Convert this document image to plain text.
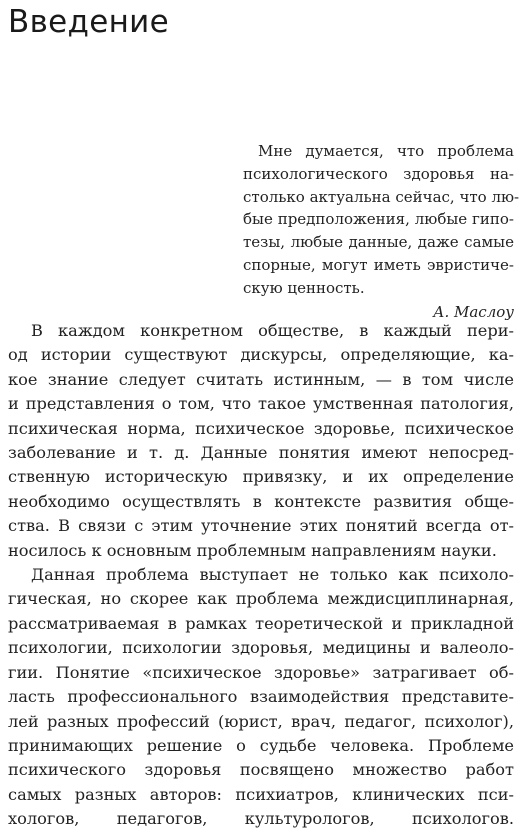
Введение
Мне думается, что проблема
психологического здоровья на-
столько актуальна сейчас, что лю-
бые предположения, любые гипо-
тезы, любые данные, даже самые
спорные, могут иметь эвристиче-
скую ценность.
А. Маслоу
В каждом конкретном обществе, в каждый пери-
од истории существуют дискурсы, определяющие, ка-
кое знание следует считать истинным, — в том числе
и представления о том, что такое умственная патология,
психическая норма, психическое здоровье, психическое
заболевание и т. д. Данные понятия имеют непосред-
ственную историческую привязку, и их определение
необходимо осуществлять в контексте развития обще-
ства. В связи с этим уточнение этих понятий всегда от-
носилось к основным проблемным направлениям науки.
Данная проблема выступает не только как психоло-
гическая, но скорее как проблема междисциплинарная,
рассматриваемая в рамках теоретической и прикладной
психологии, психологии здоровья, медицины и валеоло-
гии. Понятие «психическое здоровье» затрагивает об-
ласть профессионального взаимодействия представите-
лей разных профессий (юрист, врач, педагог, психолог),
принимающих решение о судьбе человека. Проблеме
психического здоровья посвящено множество работ
самых разных авторов: психиатров, клинических пси-
хологов, педагогов, культурологов, психологов.
